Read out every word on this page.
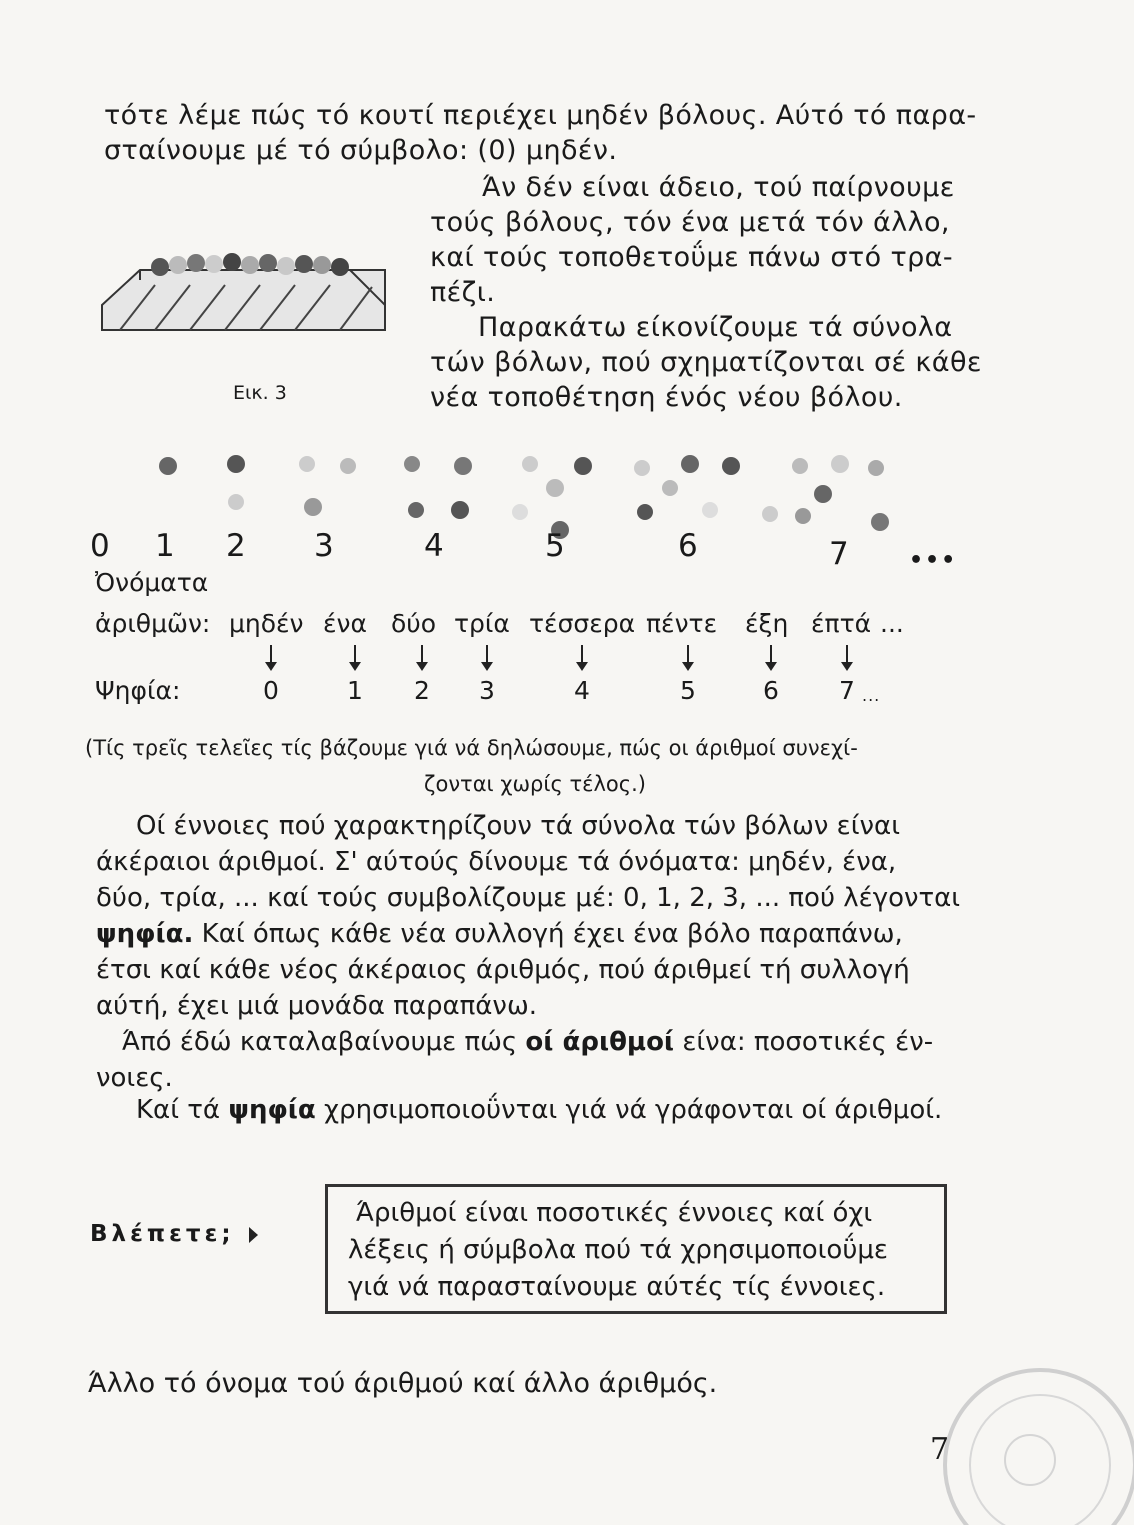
τότε λέμε πώς τό κουτί περιέχει μηδέν βόλους. Αύτό τό παρα-
σταίνουμε μέ τό σύμβολο: (0) μηδέν.
Εικ. 3
Άν δέν είναι άδειο, τού παίρνουμε
τούς βόλους, τόν ένα μετά τόν άλλο,
καί τούς τοποθετοΰμε πάνω στό τρα-
πέζι.
Παρακάτω είκονίζουμε τά σύνολα
τών βόλων, πού σχηματίζονται σέ κάθε
νέα τοποθέτηση ένός νέου βόλου.
0 1 2 3	4	5	6	7	•••
Ὀνόματα
ἀριθμῶν: μηδέν ένα δύο τρία τέσσερα πέντε έξη έπτά ...
Ψηφία:	0	1 2 3	4	5	6 7 ...
(Τίς τρεῖς τελεῖες τίς βάζουμε γιά νά δηλώσουμε, πώς οι άριθμοί συνεχί-
ζονται χωρίς τέλος.)
Οί έννοιες πού χαρακτηρίζουν τά σύνολα τών βόλων είναι
άκέραιοι άριθμοί. Σ' αύτούς δίνουμε τά όνόματα: μηδέν, ένα,
δύο, τρία, ... καί τούς συμβολίζουμε μέ: 0, 1, 2, 3, ... πού λέγονται
ψηφία. Καί όπως κάθε νέα συλλογή έχει ένα βόλο παραπάνω,
έτσι καί κάθε νέος άκέραιος άριθμός, πού άριθμεί τή συλλογή
αύτή, έχει μιά μονάδα παραπάνω.
Άπό έδώ καταλαβαίνουμε πώς οί άριθμοί είνα: ποσοτικές έν-
νοιες.
Καί τά ψηφία χρησιμοποιοΰνται γιά νά γράφονται οί άριθμοί.
Βλέπετε;
Άριθμοί είναι ποσοτικές έννοιες καί όχι
λέξεις ή σύμβολα πού τά χρησιμοποιοΰμε
γιά νά παρασταίνουμε αύτές τίς έννοιες.
Άλλο τό όνομα τού άριθμού καί άλλο άριθμός.
7
